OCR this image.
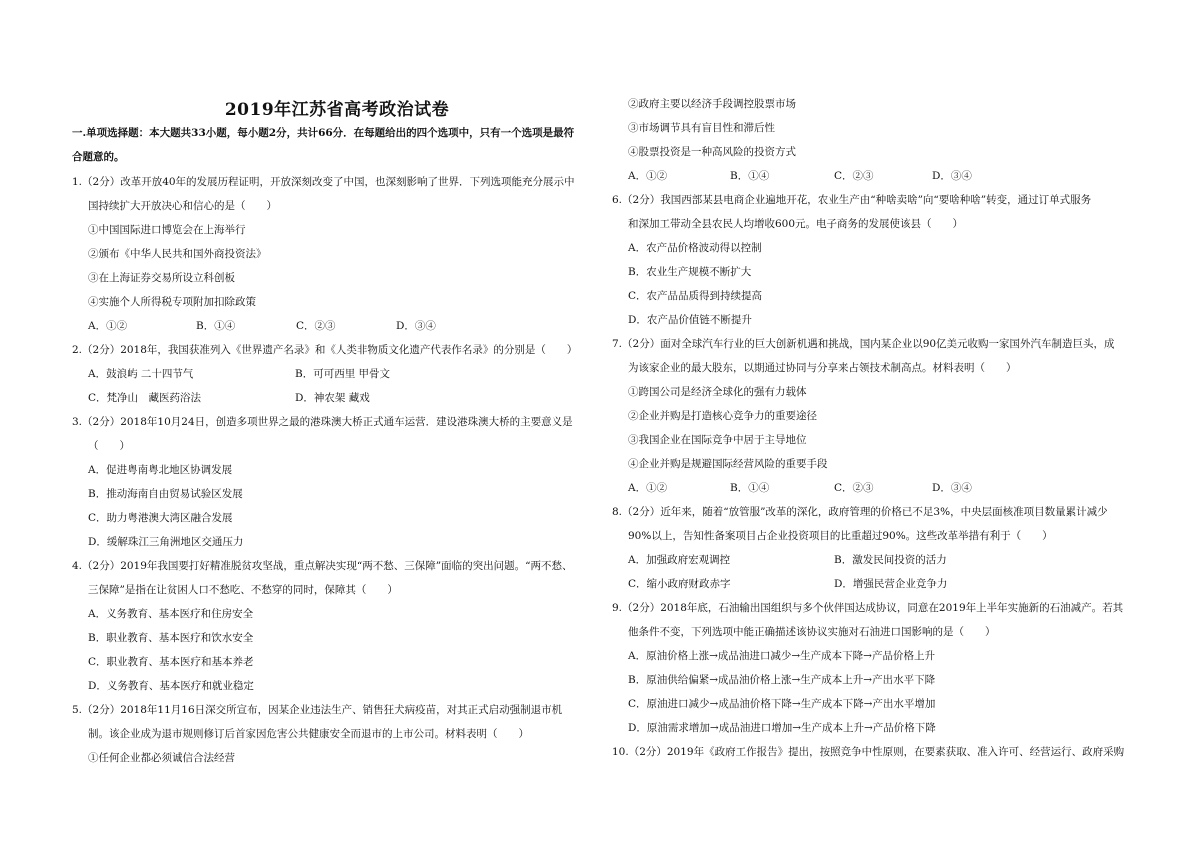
2019年江苏省高考政治试卷
一.单项选择题：本大题共33小题，每小题2分，共计66分．在每题给出的四个选项中，只有一个选项是最符
合题意的。
1.（2分）改革开放40年的发展历程证明，开放深刻改变了中国，也深刻影响了世界．下列选项能充分展示中
国持续扩大开放决心和信心的是（　　）
①中国国际进口博览会在上海举行
②颁布《中华人民共和国外商投资法》
③在上海证券交易所设立科创板
④实施个人所得税专项附加扣除政策
A．①②	B．①④	C．②③	D．③④
2.（2分）2018年，我国获准列入《世界遗产名录》和《人类非物质文化遗产代表作名录》的分别是（　　）
A．鼓浪屿 二十四节气	B．可可西里 甲骨文
C．梵净山　藏医药浴法	D．神农架 藏戏
3.（2分）2018年10月24日，创造多项世界之最的港珠澳大桥正式通车运营．建设港珠澳大桥的主要意义是
（　　）
A．促进粤南粤北地区协调发展
B．推动海南自由贸易试验区发展
C．助力粤港澳大湾区融合发展
D．缓解珠江三角洲地区交通压力
4.（2分）2019年我国要打好精准脱贫攻坚战，重点解决实现“两不愁、三保障”面临的突出问题。“两不愁、
三保障”是指在让贫困人口不愁吃、不愁穿的同时，保障其（　　）
A．义务教育、基本医疗和住房安全
B．职业教育、基本医疗和饮水安全
C．职业教育、基本医疗和基本养老
D．义务教育、基本医疗和就业稳定
5.（2分）2018年11月16日深交所宣布，因某企业违法生产、销售狂犬病疫苗，对其正式启动强制退市机
制。该企业成为退市规则修订后首家因危害公共健康安全而退市的上市公司。材料表明（　　）
①任何企业都必须诚信合法经营
②政府主要以经济手段调控股票市场
③市场调节具有盲目性和滞后性
④股票投资是一种高风险的投资方式
A．①②	B．①④	C．②③	D．③④
6.（2分）我国西部某县电商企业遍地开花，农业生产由“种啥卖啥”向“要啥种啥”转变，通过订单式服务
和深加工带动全县农民人均增收600元。电子商务的发展使该县（　　）
A．农产品价格波动得以控制
B．农业生产规模不断扩大
C．农产品品质得到持续提高
D．农产品价值链不断提升
7.（2分）面对全球汽车行业的巨大创新机遇和挑战，国内某企业以90亿美元收购一家国外汽车制造巨头，成
为该家企业的最大股东，以期通过协同与分享来占领技术制高点。材料表明（　　）
①跨国公司是经济全球化的强有力载体
②企业并购是打造核心竞争力的重要途径
③我国企业在国际竞争中居于主导地位
④企业并购是规避国际经营风险的重要手段
A．①②	B．①④	C．②③	D．③④
8.（2分）近年来，随着“放管服”改革的深化，政府管理的价格已不足3%，中央层面核准项目数量累计减少
90%以上，告知性备案项目占企业投资项目的比重超过90%。这些改革举措有利于（　　）
A．加强政府宏观调控	B．激发民间投资的活力
C．缩小政府财政赤字	D．增强民营企业竞争力
9.（2分）2018年底，石油输出国组织与多个伙伴国达成协议，同意在2019年上半年实施新的石油减产。若其
他条件不变，下列选项中能正确描述该协议实施对石油进口国影响的是（　　）
A．原油价格上涨→成品油进口减少→生产成本下降→产品价格上升
B．原油供给偏紧→成品油价格上涨→生产成本上升→产出水平下降
C．原油进口减少→成品油价格下降→生产成本下降→产出水平增加
D．原油需求增加→成品油进口增加→生产成本上升→产品价格下降
10.（2分）2019年《政府工作报告》提出，按照竞争中性原则，在要素获取、准入许可、经营运行、政府采购
